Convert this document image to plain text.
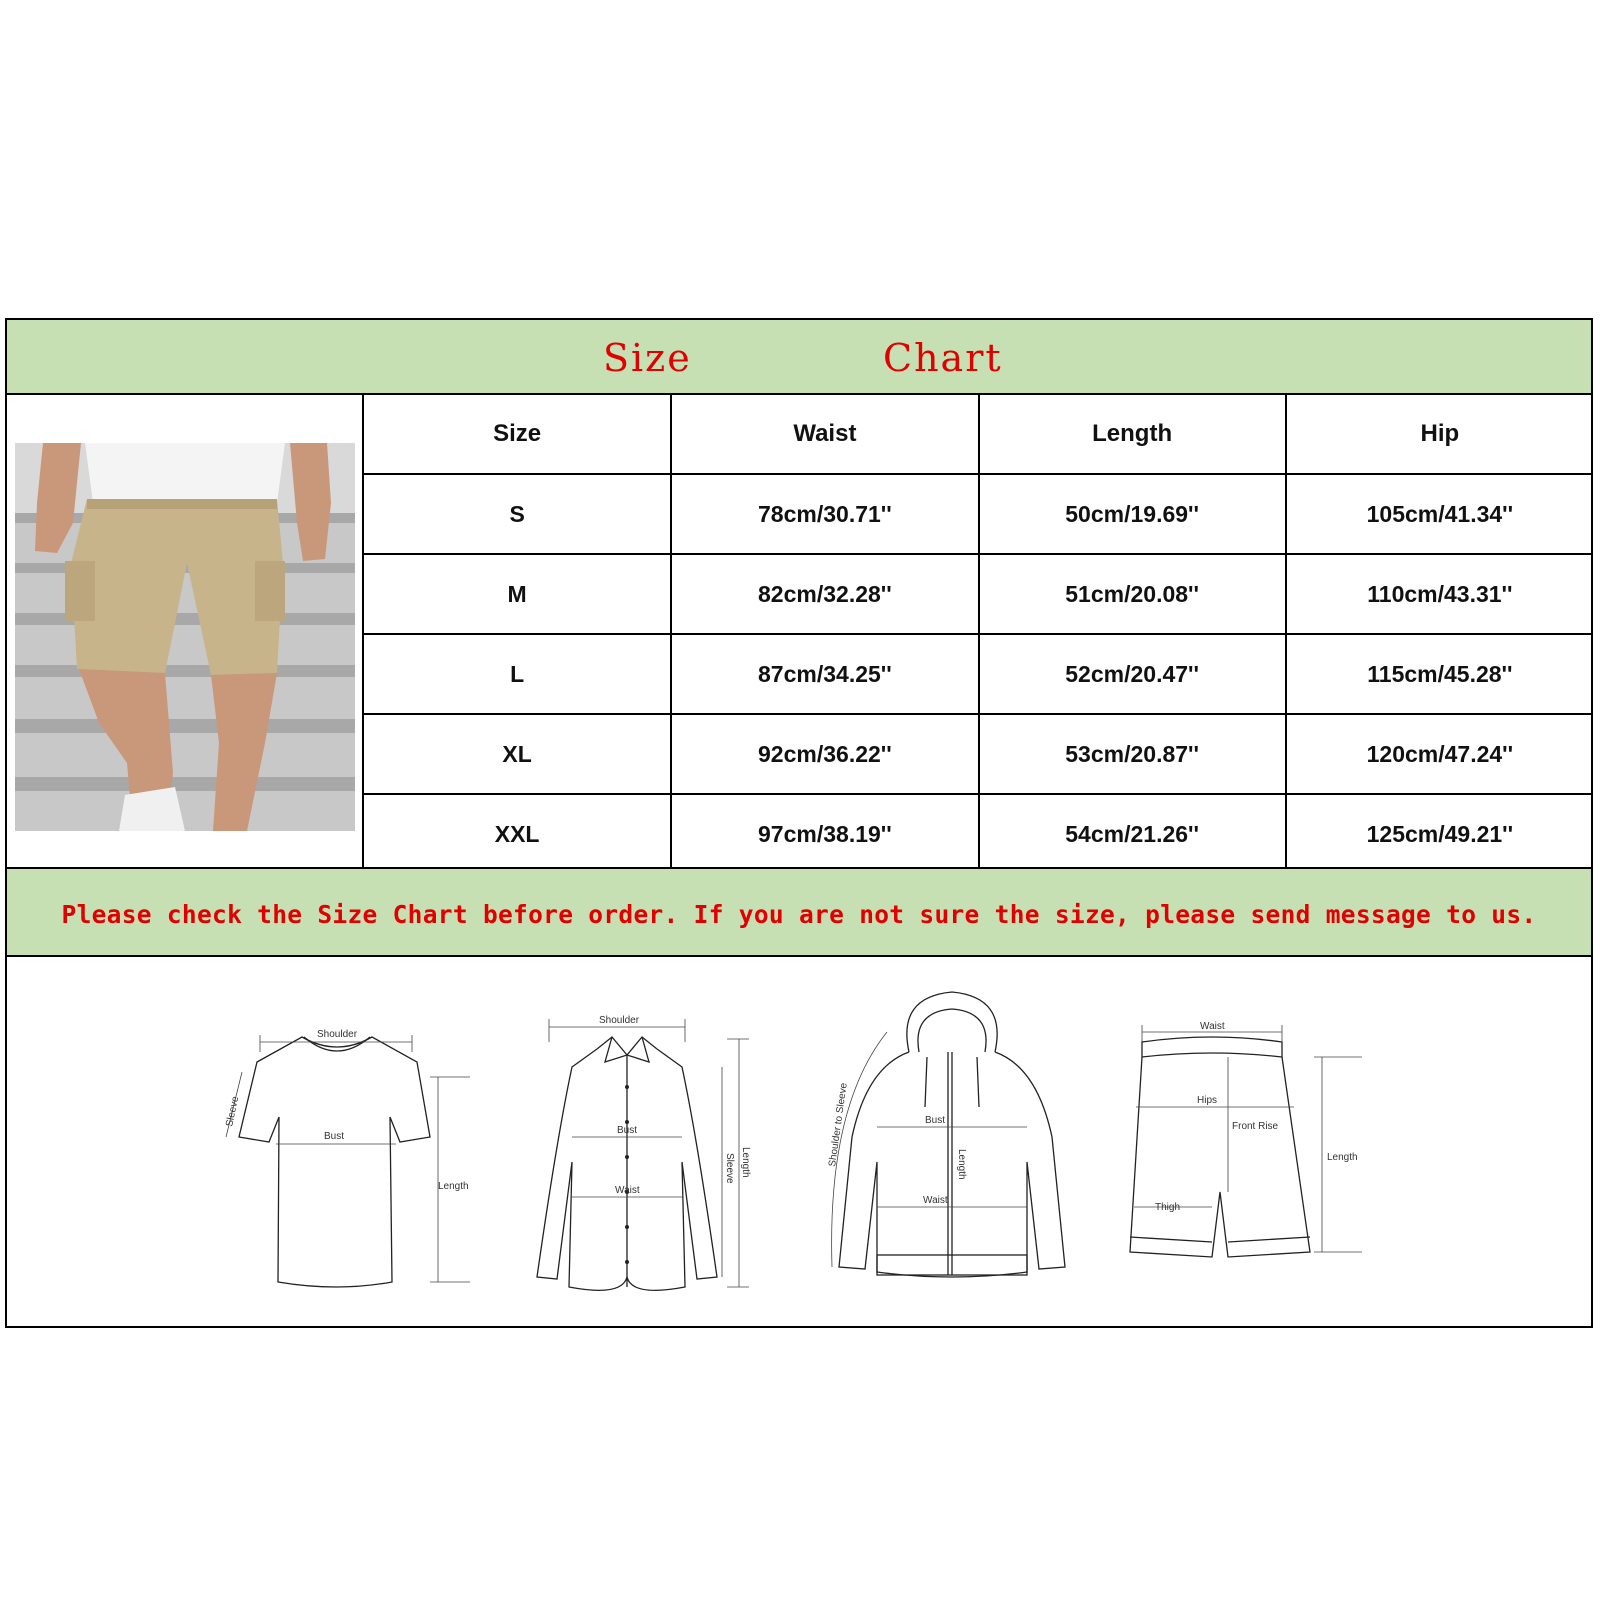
Size	Chart
Size	Waist	Length	Hip
S	78cm/30.71''	50cm/19.69''	105cm/41.34''
M	82cm/32.28''	51cm/20.08''	110cm/43.31''
L	87cm/34.25''	52cm/20.47''	115cm/45.28''
XL	92cm/36.22''	53cm/20.87''	120cm/47.24''
XXL	97cm/38.19''	54cm/21.26''	125cm/49.21''
Please check the Size Chart before order. If you are not sure the size, please send message to us.
Shoulder
Sleeve
Bust
Length
Shoulder
Bust
Waist
Sleeve Length	Shoulder to Sleeve	Bust
Length
Waist
Waist
Hips
Front Rise
Thigh
Length
